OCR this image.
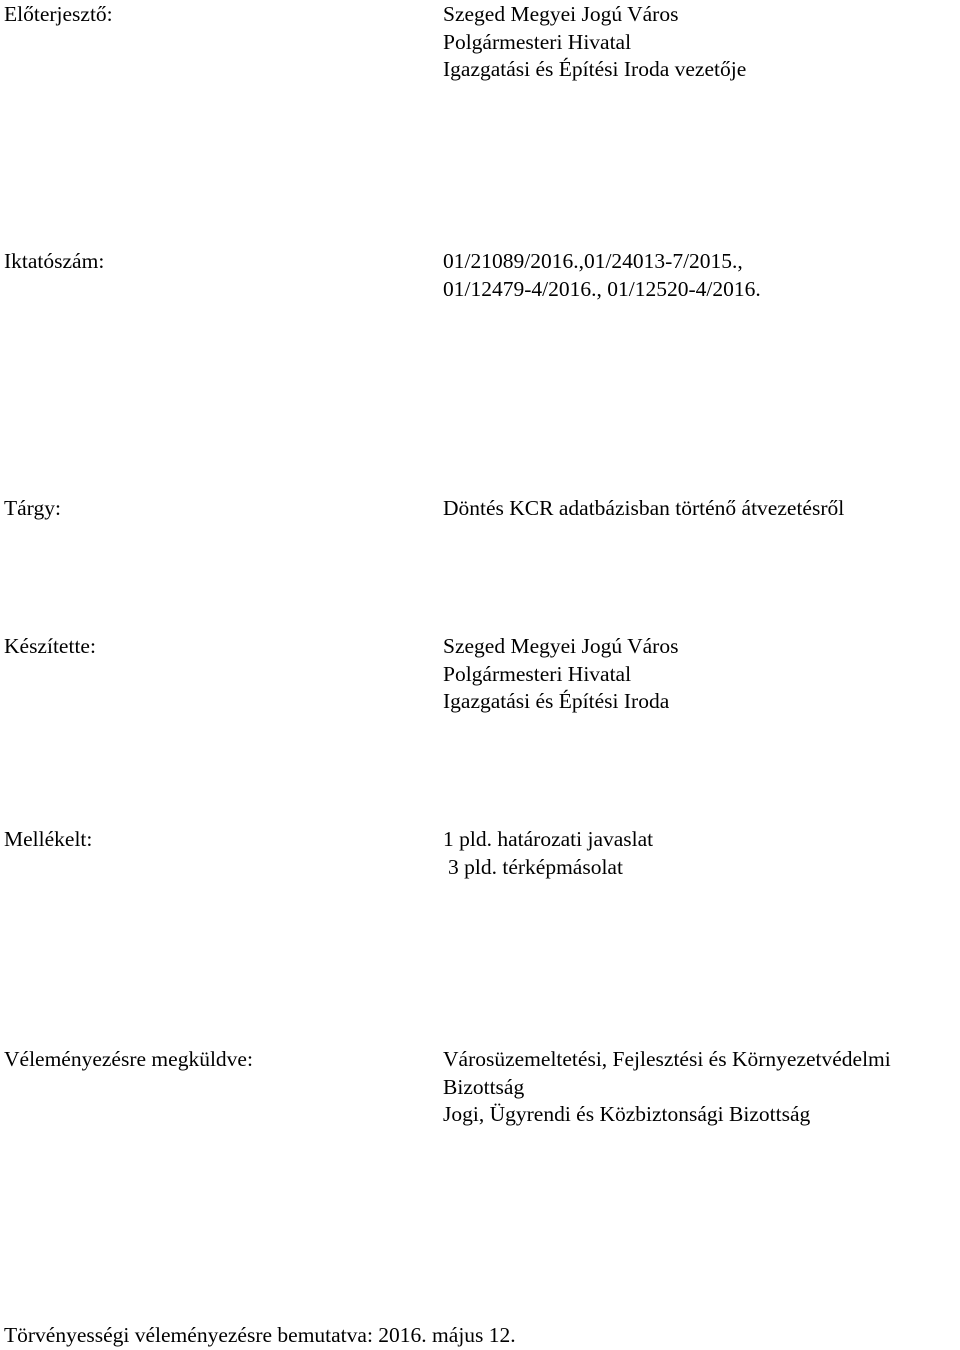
Előterjesztő:	Szeged Megyei Jogú Város
Polgármesteri Hivatal
Igazgatási és Építési Iroda vezetője
Iktatószám:	01/21089/2016.,01/24013-7/2015.,
01/12479-4/2016., 01/12520-4/2016.
Tárgy:	Döntés KCR adatbázisban történő átvezetésről
Készítette:	Szeged Megyei Jogú Város
Polgármesteri Hivatal
Igazgatási és Építési Iroda
Mellékelt:	1 pld. határozati javaslat
3 pld. térképmásolat
Véleményezésre megküldve:	Városüzemeltetési, Fejlesztési és Környezetvédelmi
Bizottság
Jogi, Ügyrendi és Közbiztonsági Bizottság
Törvényességi véleményezésre bemutatva: 2016. május 12.
